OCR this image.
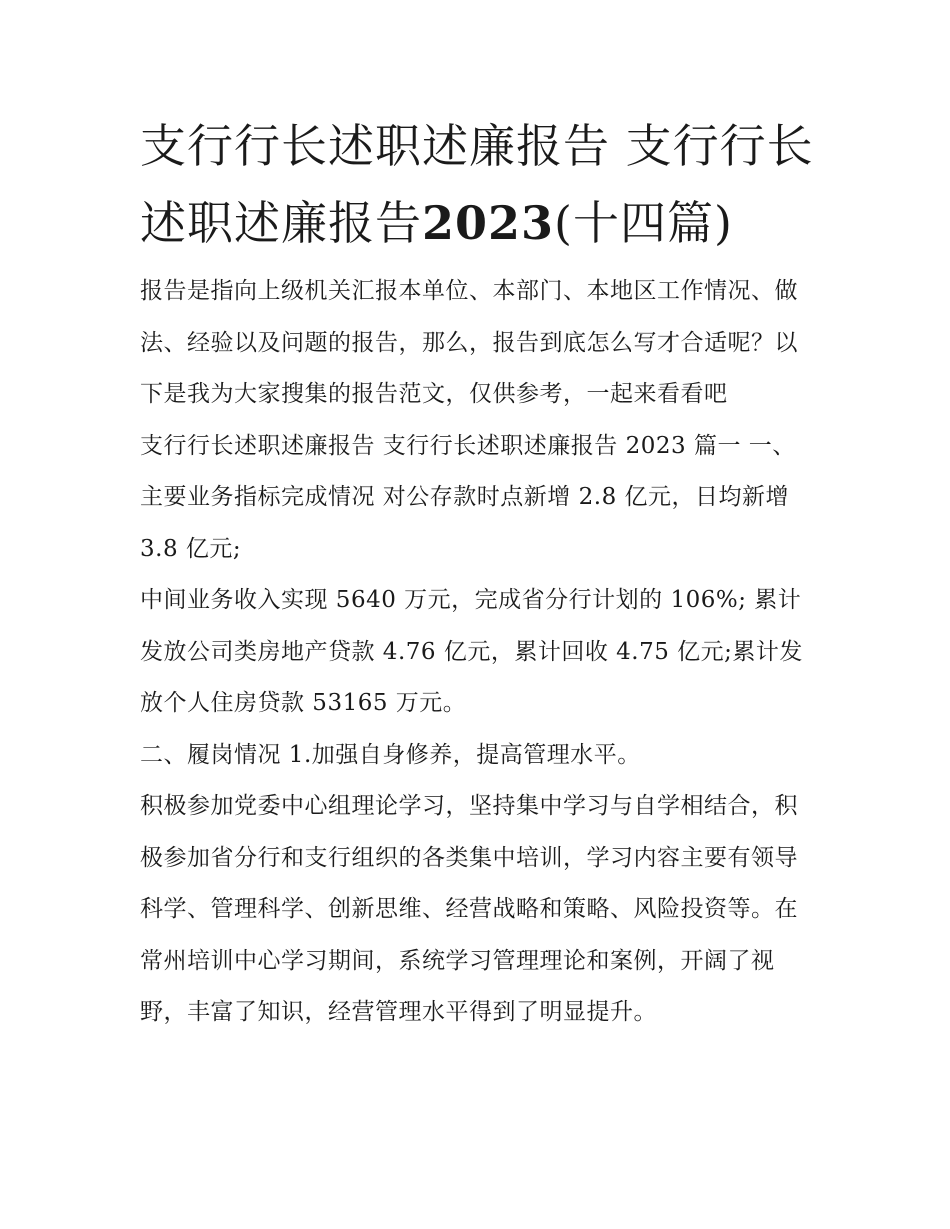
支行行长述职述廉报告 支行行长述职述廉报告2023(十四篇)

报告是指向上级机关汇报本单位、本部门、本地区工作情况、做法、经验以及问题的报告，那么，报告到底怎么写才合适呢？以下是我为大家搜集的报告范文，仅供参考，一起来看看吧

支行行长述职述廉报告 支行行长述职述廉报告 2023 篇一 一、主要业务指标完成情况 对公存款时点新增 2.8 亿元，日均新增 3.8 亿元;

中间业务收入实现 5640 万元，完成省分行计划的 106%; 累计发放公司类房地产贷款 4.76 亿元，累计回收 4.75 亿元;累计发放个人住房贷款 53165 万元。

二、履岗情况 1.加强自身修养，提高管理水平。

积极参加党委中心组理论学习，坚持集中学习与自学相结合，积极参加省分行和支行组织的各类集中培训，学习内容主要有领导科学、管理科学、创新思维、经营战略和策略、风险投资等。在常州培训中心学习期间，系统学习管理理论和案例，开阔了视野，丰富了知识，经营管理水平得到了明显提升。
